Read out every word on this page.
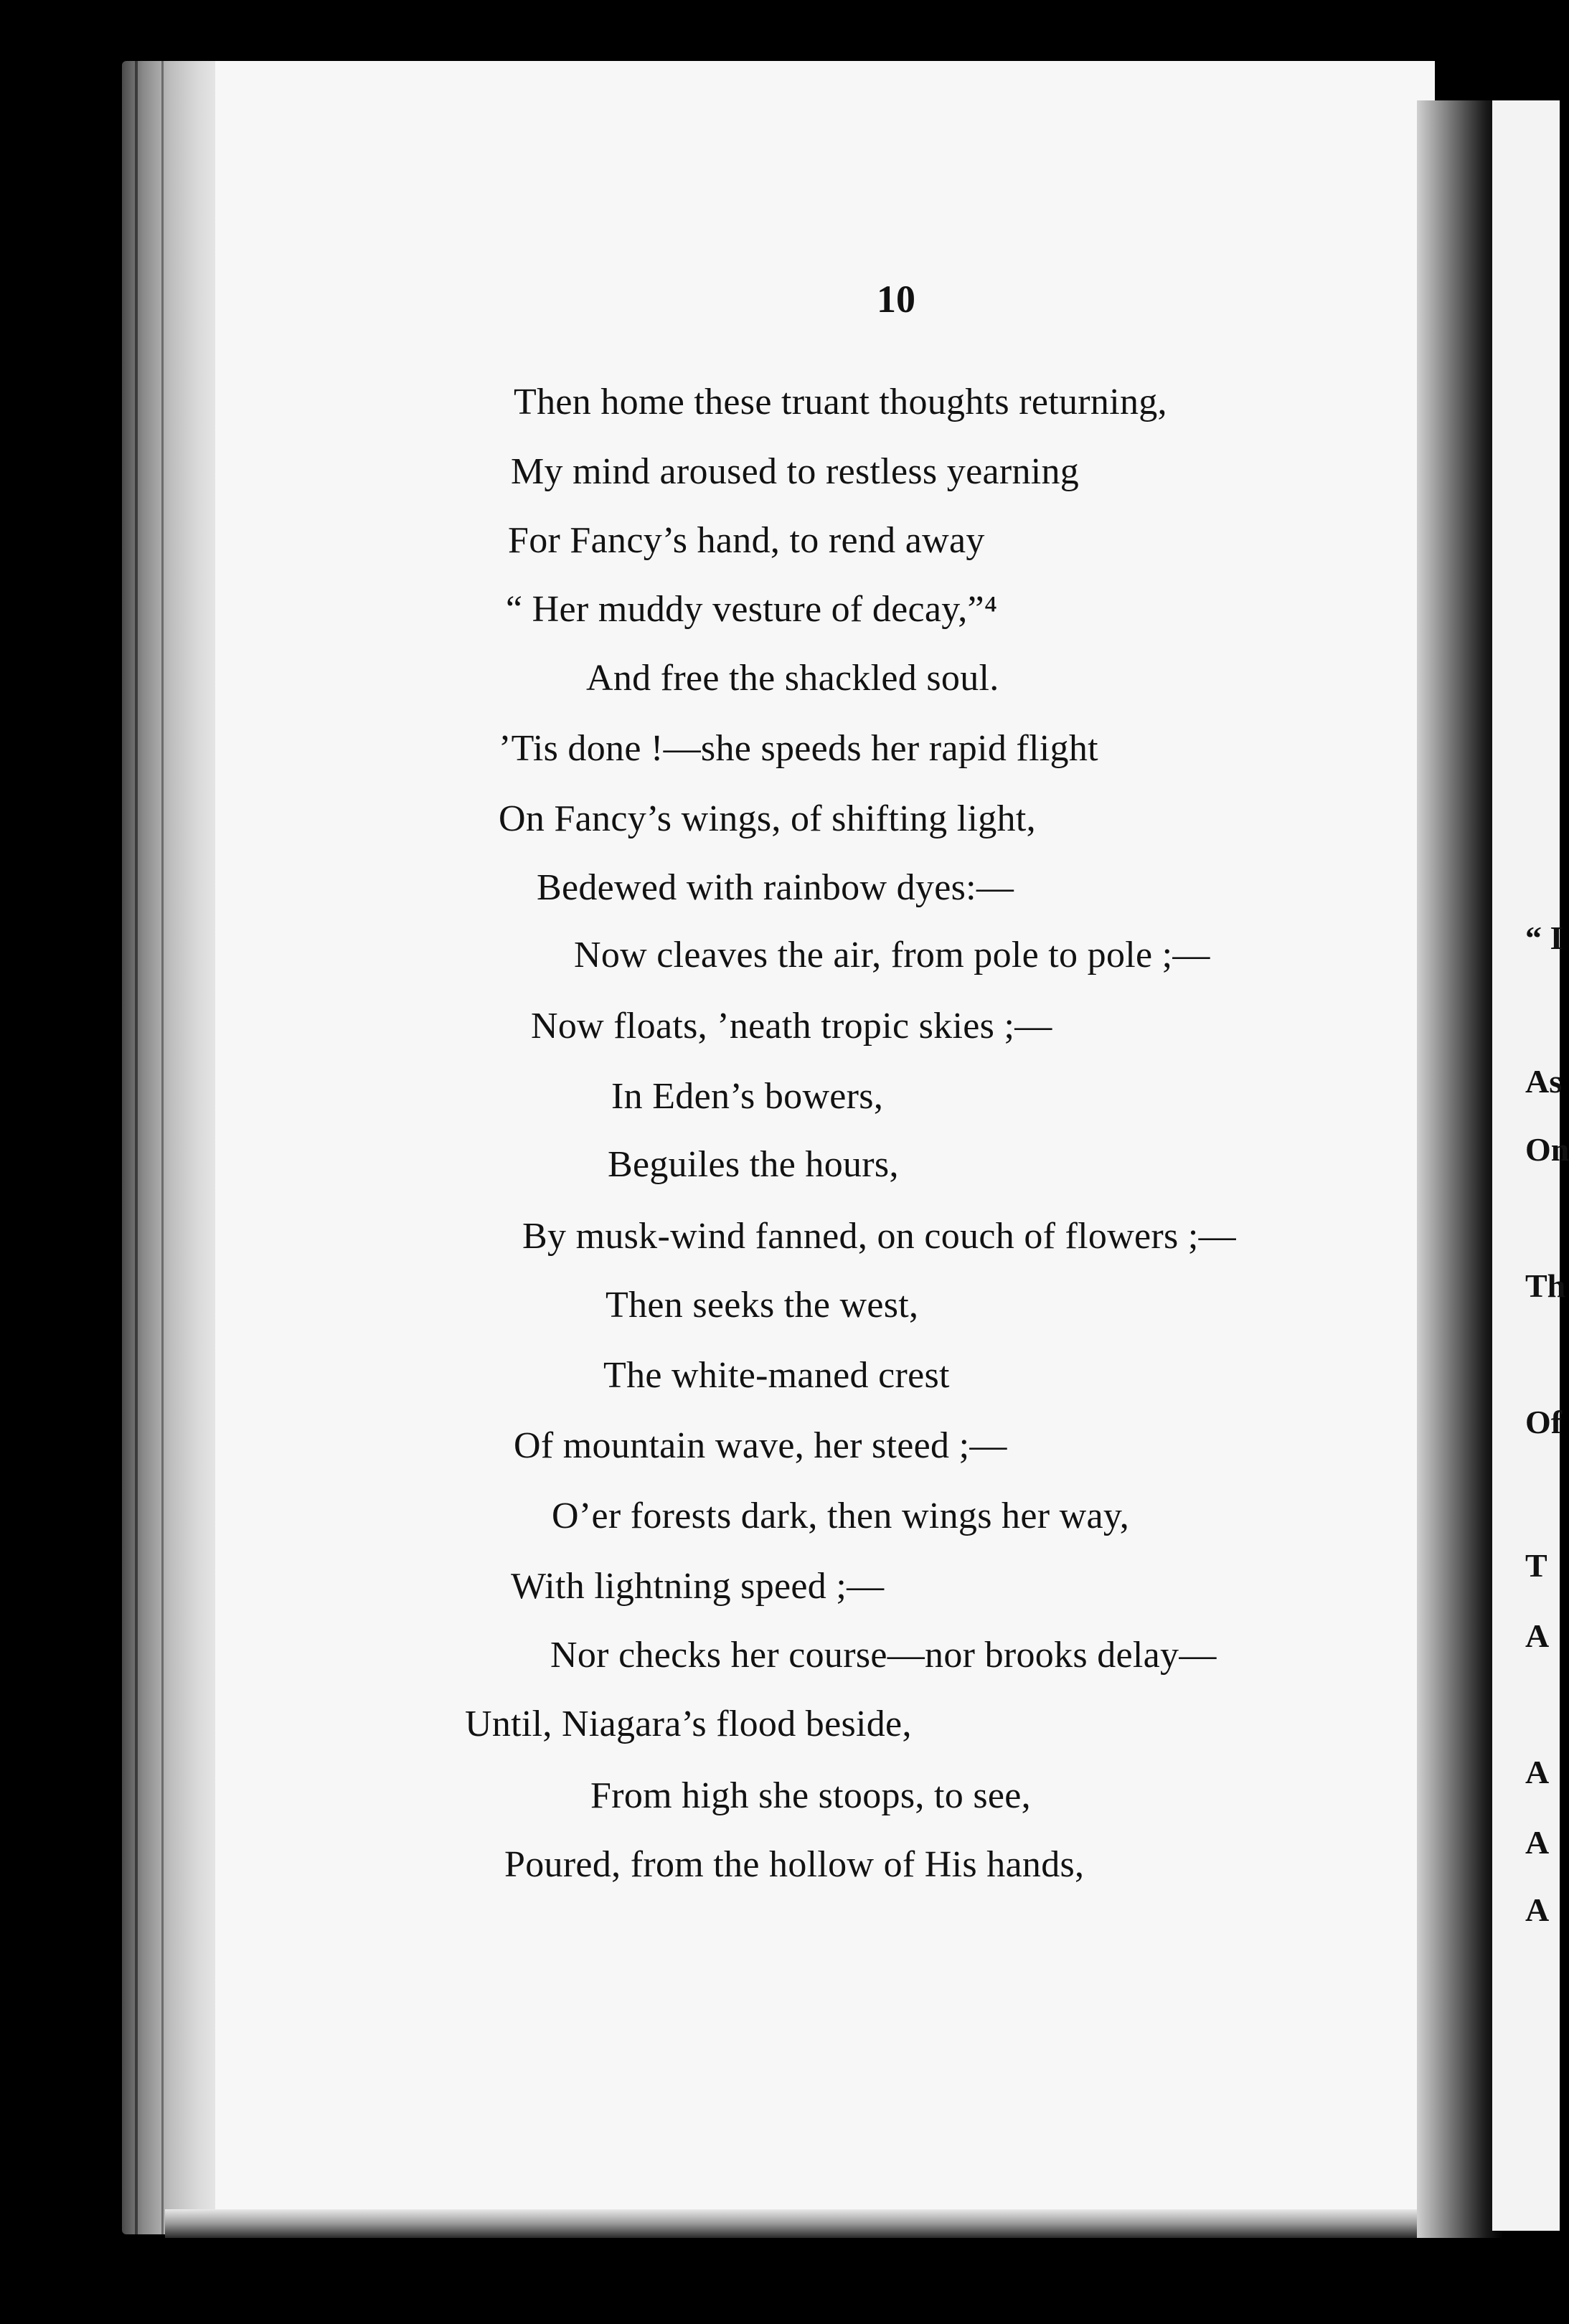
10
Then home these truant thoughts returning,
My mind aroused to restless yearning
For Fancy’s hand, to rend away
“ Her muddy vesture of decay,”⁴
And free the shackled soul.
’Tis done !—she speeds her rapid flight
On Fancy’s wings, of shifting light,
Bedewed with rainbow dyes:—
Now cleaves the air, from pole to pole ;—
Now floats, ’neath tropic skies ;—
In Eden’s bowers,
Beguiles the hours,
By musk-wind fanned, on couch of flowers ;—
Then seeks the west,
The white-maned crest
Of mountain wave, her steed ;—
O’er forests dark, then wings her way,
With lightning speed ;—
Nor checks her course—nor brooks delay—
Until, Niagara’s flood beside,
From high she stoops, to see,
Poured, from the hollow of His hands,
“ I
As
On
Th
Of
T
A
A
A
A
